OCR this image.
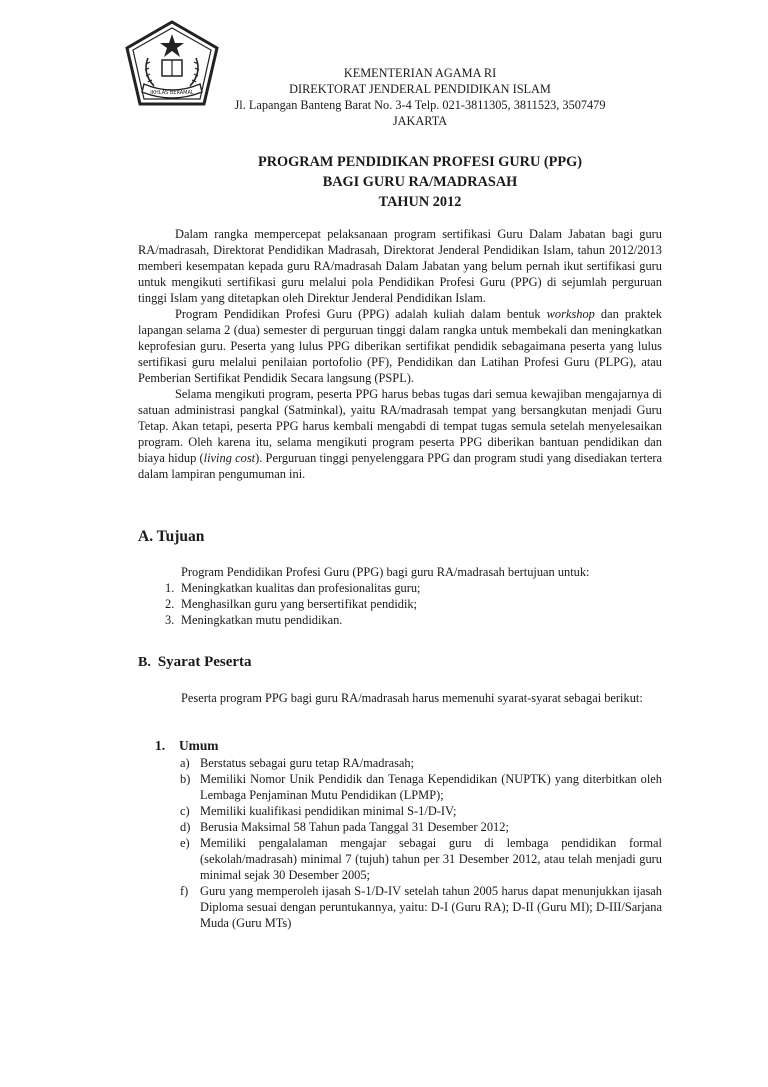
IKHLAS BERAMAL
KEMENTERIAN AGAMA RI
DIREKTORAT JENDERAL PENDIDIKAN ISLAM
Jl. Lapangan Banteng Barat No. 3-4 Telp. 021-3811305, 3811523, 3507479
JAKARTA
PROGRAM PENDIDIKAN PROFESI GURU (PPG)
BAGI GURU RA/MADRASAH
TAHUN 2012

Dalam rangka mempercepat pelaksanaan program sertifikasi Guru Dalam Jabatan bagi guru RA/madrasah, Direktorat Pendidikan Madrasah, Direktorat Jenderal Pendidikan Islam, tahun 2012/2013 memberi kesempatan kepada guru RA/madrasah Dalam Jabatan yang belum pernah ikut sertifikasi guru untuk mengikuti sertifikasi guru melalui pola Pendidikan Profesi Guru (PPG) di sejumlah perguruan tinggi Islam yang ditetapkan oleh Direktur Jenderal Pendidikan Islam.

Program Pendidikan Profesi Guru (PPG) adalah kuliah dalam bentuk workshop dan praktek lapangan selama 2 (dua) semester di perguruan tinggi dalam rangka untuk membekali dan meningkatkan keprofesian guru. Peserta yang lulus PPG diberikan sertifikat pendidik sebagaimana peserta yang lulus sertifikasi guru melalui penilaian portofolio (PF), Pendidikan dan Latihan Profesi Guru (PLPG), atau Pemberian Sertifikat Pendidik Secara langsung (PSPL).

Selama mengikuti program, peserta PPG harus bebas tugas dari semua kewajiban mengajarnya di satuan administrasi pangkal (Satminkal), yaitu RA/madrasah tempat yang bersangkutan menjadi Guru Tetap. Akan tetapi, peserta PPG harus kembali mengabdi di tempat tugas semula setelah menyelesaikan program. Oleh karena itu, selama mengikuti program peserta PPG diberikan bantuan pendidikan dan biaya hidup (living cost). Perguruan tinggi penyelenggara PPG dan program studi yang disediakan tertera dalam lampiran pengumuman ini.

A. Tujuan
Program Pendidikan Profesi Guru (PPG) bagi guru RA/madrasah bertujuan untuk:
1. Meningkatkan kualitas dan profesionalitas guru;
2. Menghasilkan guru yang bersertifikat pendidik;
3. Meningkatkan mutu pendidikan.
B. Syarat Peserta
Peserta program PPG bagi guru RA/madrasah harus memenuhi syarat-syarat sebagai berikut:
1. Umum
a) Berstatus sebagai guru tetap RA/madrasah;
b) Memiliki Nomor Unik Pendidik dan Tenaga Kependidikan (NUPTK) yang diterbitkan oleh Lembaga Penjaminan Mutu Pendidikan (LPMP);
c) Memiliki kualifikasi pendidikan minimal S-1/D-IV;
d) Berusia Maksimal 58 Tahun pada Tanggal 31 Desember 2012;
e) Memiliki pengalalaman mengajar sebagai guru di lembaga pendidikan formal (sekolah/madrasah) minimal 7 (tujuh) tahun per 31 Desember 2012, atau telah menjadi guru minimal sejak 30 Desember 2005;
f) Guru yang memperoleh ijasah S-1/D-IV setelah tahun 2005 harus dapat menunjukkan ijasah Diploma sesuai dengan peruntukannya, yaitu: D-I (Guru RA); D-II (Guru MI); D-III/Sarjana Muda (Guru MTs)
